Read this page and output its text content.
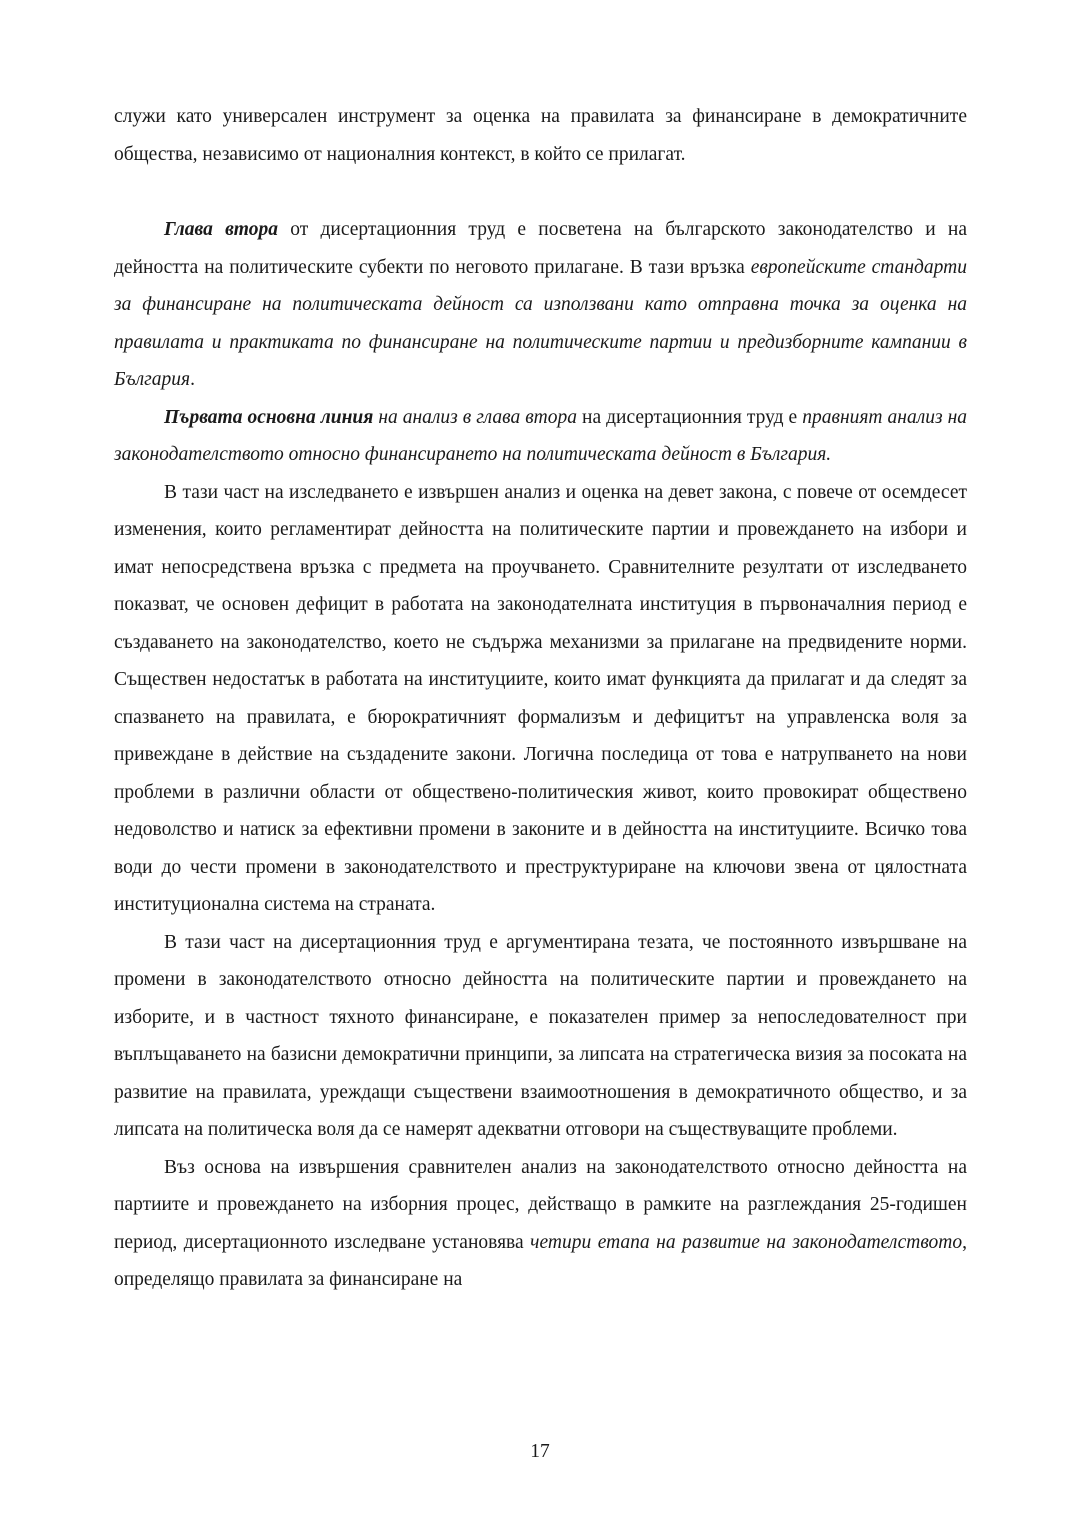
служи като универсален инструмент за оценка на правилата за финансиране в демократичните общества, независимо от националния контекст, в който се прилагат.

Глава втора от дисертационния труд е посветена на българското законодателство и на дейността на политическите субекти по неговото прилагане. В тази връзка европейските стандарти за финансиране на политическата дейност са използвани като отправна точка за оценка на правилата и практиката по финансиране на политическите партии и предизборните кампании в България.

Първата основна линия на анализ в глава втора на дисертационния труд е правният анализ на законодателството относно финансирането на политическата дейност в България.

В тази част на изследването е извършен анализ и оценка на девет закона, с повече от осемдесет изменения, които регламентират дейността на политическите партии и провеждането на избори и имат непосредствена връзка с предмета на проучването. Сравнителните резултати от изследването показват, че основен дефицит в работата на законодателната институция в първоначалния период е създаването на законодателство, което не съдържа механизми за прилагане на предвидените норми. Съществен недостатък в работата на институциите, които имат функцията да прилагат и да следят за спазването на правилата, е бюрократичният формализъм и дефицитът на управленска воля за привеждане в действие на създадените закони. Логична последица от това е натрупването на нови проблеми в различни области от обществено-политическия живот, които провокират обществено недоволство и натиск за ефективни промени в законите и в дейността на институциите. Всичко това води до чести промени в законодателството и преструктуриране на ключови звена от цялостната институционална система на страната.

В тази част на дисертационния труд е аргументирана тезата, че постоянното извършване на промени в законодателството относно дейността на политическите партии и провеждането на изборите, и в частност тяхното финансиране, е показателен пример за непоследователност при въплъщаването на базисни демократични принципи, за липсата на стратегическа визия за посоката на развитие на правилата, уреждащи съществени взаимоотношения в демократичното общество, и за липсата на политическа воля да се намерят адекватни отговори на съществуващите проблеми.

Въз основа на извършения сравнителен анализ на законодателството относно дейността на партиите и провеждането на изборния процес, действащо в рамките на разглеждания 25-годишен период, дисертационното изследване установява четири етапа на развитие на законодателството, определящо правилата за финансиране на

17
